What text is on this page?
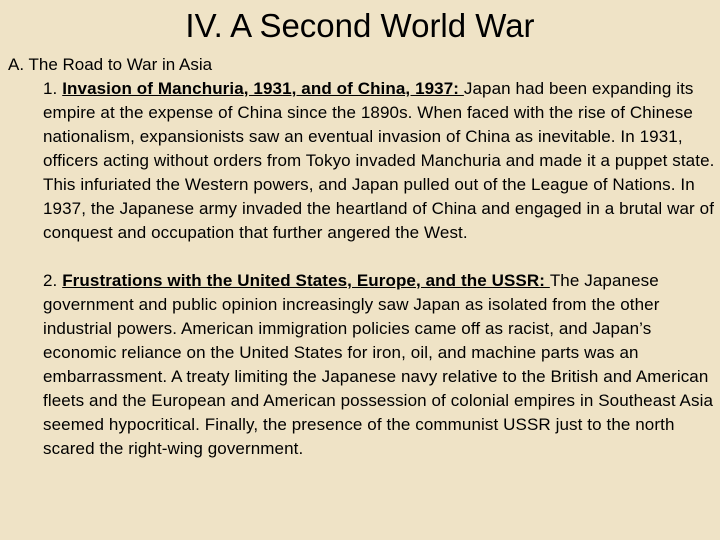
IV. A Second World War

A. The Road to War in Asia

1. Invasion of Manchuria, 1931, and of China, 1937: Japan had been expanding its empire at the expense of China since the 1890s. When faced with the rise of Chinese nationalism, expansionists saw an eventual invasion of China as inevitable. In 1931, officers acting without orders from Tokyo invaded Manchuria and made it a puppet state. This infuriated the Western powers, and Japan pulled out of the League of Nations. In 1937, the Japanese army invaded the heartland of China and engaged in a brutal war of conquest and occupation that further angered the West.

2. Frustrations with the United States, Europe, and the USSR: The Japanese government and public opinion increasingly saw Japan as isolated from the other industrial powers. American immigration policies came off as racist, and Japan’s economic reliance on the United States for iron, oil, and machine parts was an embarrassment. A treaty limiting the Japanese navy relative to the British and American fleets and the European and American possession of colonial empires in Southeast Asia seemed hypocritical. Finally, the presence of the communist USSR just to the north scared the right-wing government.
